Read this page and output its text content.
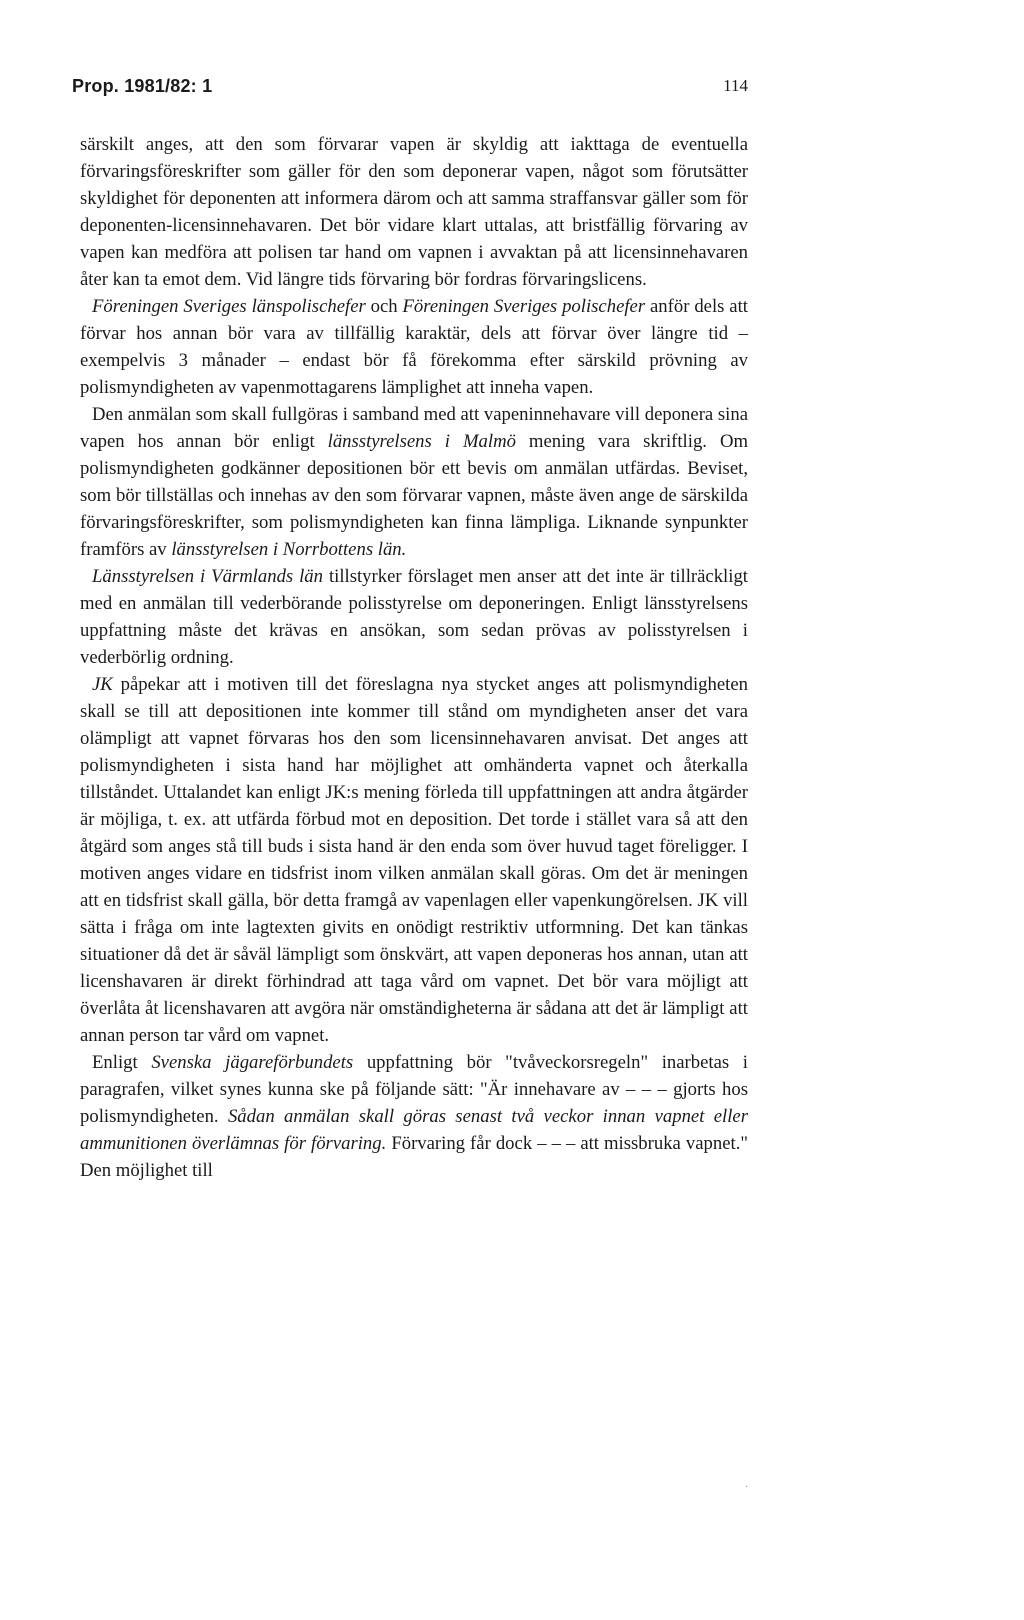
Prop. 1981/82: 1	114

särskilt anges, att den som förvarar vapen är skyldig att iakttaga de eventuella förvaringsföreskrifter som gäller för den som deponerar vapen, något som förutsätter skyldighet för deponenten att informera därom och att samma straffansvar gäller som för deponenten-licensinnehavaren. Det bör vidare klart uttalas, att bristfällig förvaring av vapen kan medföra att polisen tar hand om vapnen i avvaktan på att licensinnehavaren åter kan ta emot dem. Vid längre tids förvaring bör fordras förvaringslicens.

Föreningen Sveriges länspolischefer och Föreningen Sveriges polischefer anför dels att förvar hos annan bör vara av tillfällig karaktär, dels att förvar över längre tid – exempelvis 3 månader – endast bör få förekomma efter särskild prövning av polismyndigheten av vapenmottagarens lämplighet att inneha vapen.

Den anmälan som skall fullgöras i samband med att vapeninnehavare vill deponera sina vapen hos annan bör enligt länsstyrelsens i Malmö mening vara skriftlig. Om polismyndigheten godkänner depositionen bör ett bevis om anmälan utfärdas. Beviset, som bör tillställas och innehas av den som förvarar vapnen, måste även ange de särskilda förvaringsföreskrifter, som polismyndigheten kan finna lämpliga. Liknande synpunkter framförs av länsstyrelsen i Norrbottens län.

Länsstyrelsen i Värmlands län tillstyrker förslaget men anser att det inte är tillräckligt med en anmälan till vederbörande polisstyrelse om deponeringen. Enligt länsstyrelsens uppfattning måste det krävas en ansökan, som sedan prövas av polisstyrelsen i vederbörlig ordning.

JK påpekar att i motiven till det föreslagna nya stycket anges att polismyndigheten skall se till att depositionen inte kommer till stånd om myndigheten anser det vara olämpligt att vapnet förvaras hos den som licensinnehavaren anvisat. Det anges att polismyndigheten i sista hand har möjlighet att omhänderta vapnet och återkalla tillståndet. Uttalandet kan enligt JK:s mening förleda till uppfattningen att andra åtgärder är möjliga, t. ex. att utfärda förbud mot en deposition. Det torde i stället vara så att den åtgärd som anges stå till buds i sista hand är den enda som över huvud taget föreligger. I motiven anges vidare en tidsfrist inom vilken anmälan skall göras. Om det är meningen att en tidsfrist skall gälla, bör detta framgå av vapenlagen eller vapenkungörelsen. JK vill sätta i fråga om inte lagtexten givits en onödigt restriktiv utformning. Det kan tänkas situationer då det är såväl lämpligt som önskvärt, att vapen deponeras hos annan, utan att licenshavaren är direkt förhindrad att taga vård om vapnet. Det bör vara möjligt att överlåta åt licenshavaren att avgöra när omständigheterna är sådana att det är lämpligt att annan person tar vård om vapnet.

Enligt Svenska jägareförbundets uppfattning bör "tvåveckorsregeln" inarbetas i paragrafen, vilket synes kunna ske på följande sätt: "Är innehavare av – – – gjorts hos polismyndigheten. Sådan anmälan skall göras senast två veckor innan vapnet eller ammunitionen överlämnas för förvaring. Förvaring får dock – – – att missbruka vapnet." Den möjlighet till

·
